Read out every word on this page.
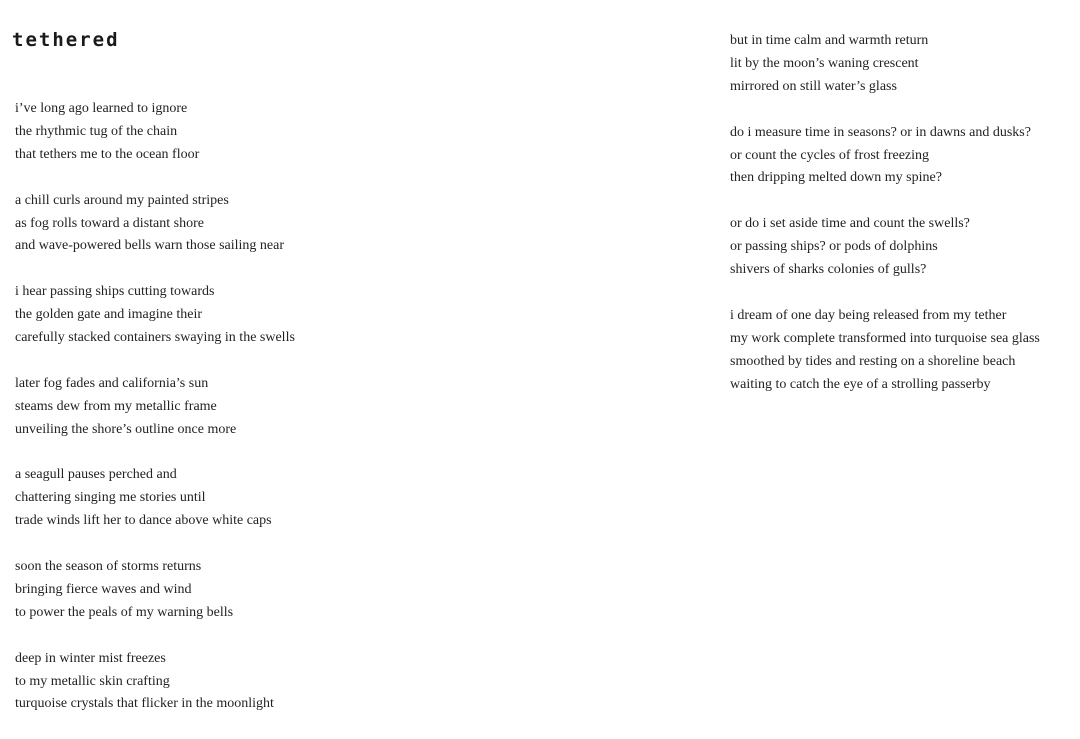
tethered
i’ve long ago learned to ignore
the rhythmic tug of the chain
that tethers me to the ocean floor
a chill curls around my painted stripes
as fog rolls toward a distant shore
and wave-powered bells warn those sailing near
i hear passing ships cutting towards
the golden gate and imagine their
carefully stacked containers swaying in the swells
later fog fades and california’s sun
steams dew from my metallic frame
unveiling the shore’s outline once more
a seagull pauses perched and
chattering singing me stories until
trade winds lift her to dance above white caps
soon the season of storms returns
bringing fierce waves and wind
to power the peals of my warning bells
deep in winter mist freezes
to my metallic skin crafting
turquoise crystals that flicker in the moonlight
but in time calm and warmth return
lit by the moon’s waning crescent
mirrored on still water’s glass
do i measure time in seasons? or in dawns and dusks?
or count the cycles of frost freezing
then dripping melted down my spine?
or do i set aside time and count the swells?
or passing ships? or pods of dolphins
shivers of sharks colonies of gulls?
i dream of one day being released from my tether
my work complete transformed into turquoise sea glass
smoothed by tides and resting on a shoreline beach
waiting to catch the eye of a strolling passerby
